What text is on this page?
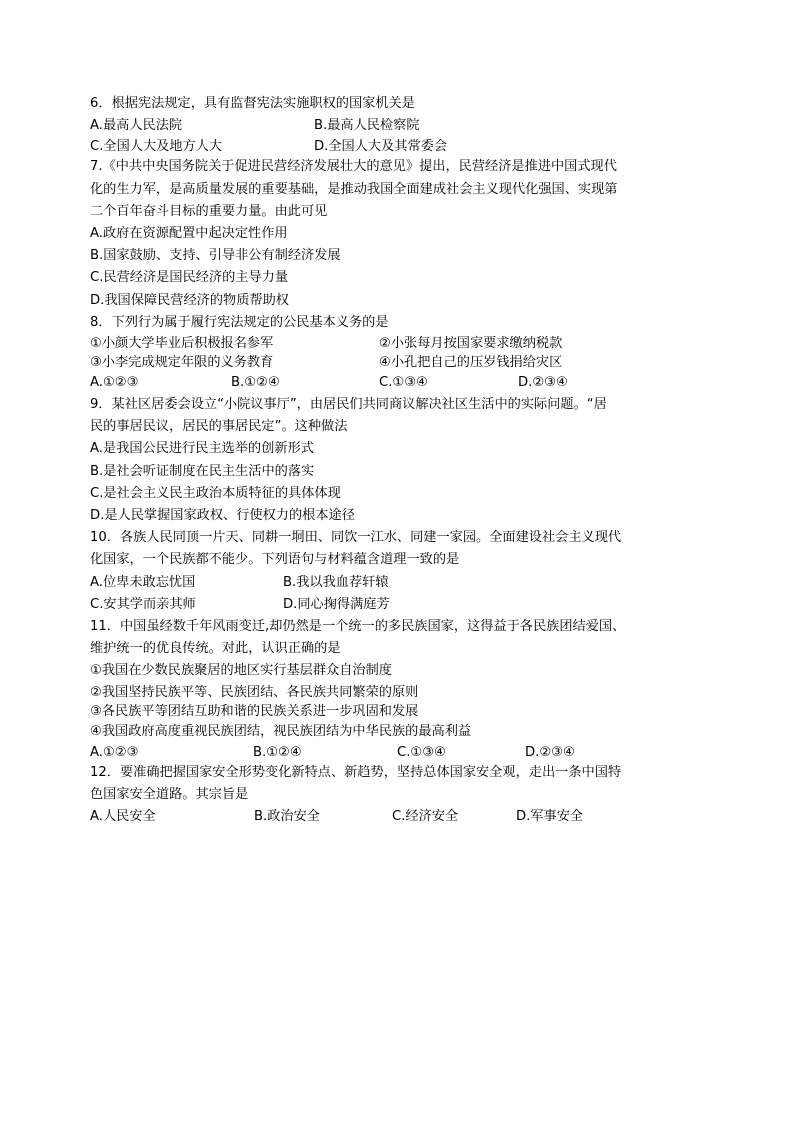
6．根据宪法规定，具有监督宪法实施职权的国家机关是
A.最高人民法院	B.最高人民检察院
C.全国人大及地方人大	D.全国人大及其常委会
7.《中共中央国务院关于促进民营经济发展壮大的意见》提出，民营经济是推进中国式现代
化的生力军，是高质量发展的重要基础，是推动我国全面建成社会主义现代化强国、实现第
二个百年奋斗目标的重要力量。由此可见
A.政府在资源配置中起决定性作用
B.国家鼓励、支持、引导非公有制经济发展
C.民营经济是国民经济的主导力量
D.我国保障民营经济的物质帮助权
8．下列行为属于履行宪法规定的公民基本义务的是
①小颜大学毕业后积极报名参军	②小张每月按国家要求缴纳税款
③小李完成规定年限的义务教育	④小孔把自己的压岁钱捐给灾区
A.①②③	B.①②④	C.①③④	D.②③④
9．某社区居委会设立“小院议事厅”，由居民们共同商议解决社区生活中的实际问题。“居
民的事居民议，居民的事居民定”。这种做法
A.是我国公民进行民主选举的创新形式
B.是社会听证制度在民主生活中的落实
C.是社会主义民主政治本质特征的具体体现
D.是人民掌握国家政权、行使权力的根本途径
10．各族人民同顶一片天、同耕一垌田、同饮一江水、同建一家园。全面建设社会主义现代
化国家，一个民族都不能少。下列语句与材料蕴含道理一致的是
A.位卑未敢忘忧国	B.我以我血荐轩辕
C.安其学而亲其师	D.同心掬得满庭芳
11．中国虽经数千年风雨变迁,却仍然是一个统一的多民族国家，这得益于各民族团结爱国、
维护统一的优良传统。对此，认识正确的是
①我国在少数民族聚居的地区实行基层群众自治制度
②我国坚持民族平等、民族团结、各民族共同繁荣的原则
③各民族平等团结互助和谐的民族关系进一步巩固和发展
④我国政府高度重视民族团结，视民族团结为中华民族的最高利益
A.①②③	B.①②④	C.①③④	D.②③④
12．要准确把握国家安全形势变化新特点、新趋势，坚持总体国家安全观，走出一条中国特
色国家安全道路。其宗旨是
A.人民安全	B.政治安全	C.经济安全	D.军事安全
